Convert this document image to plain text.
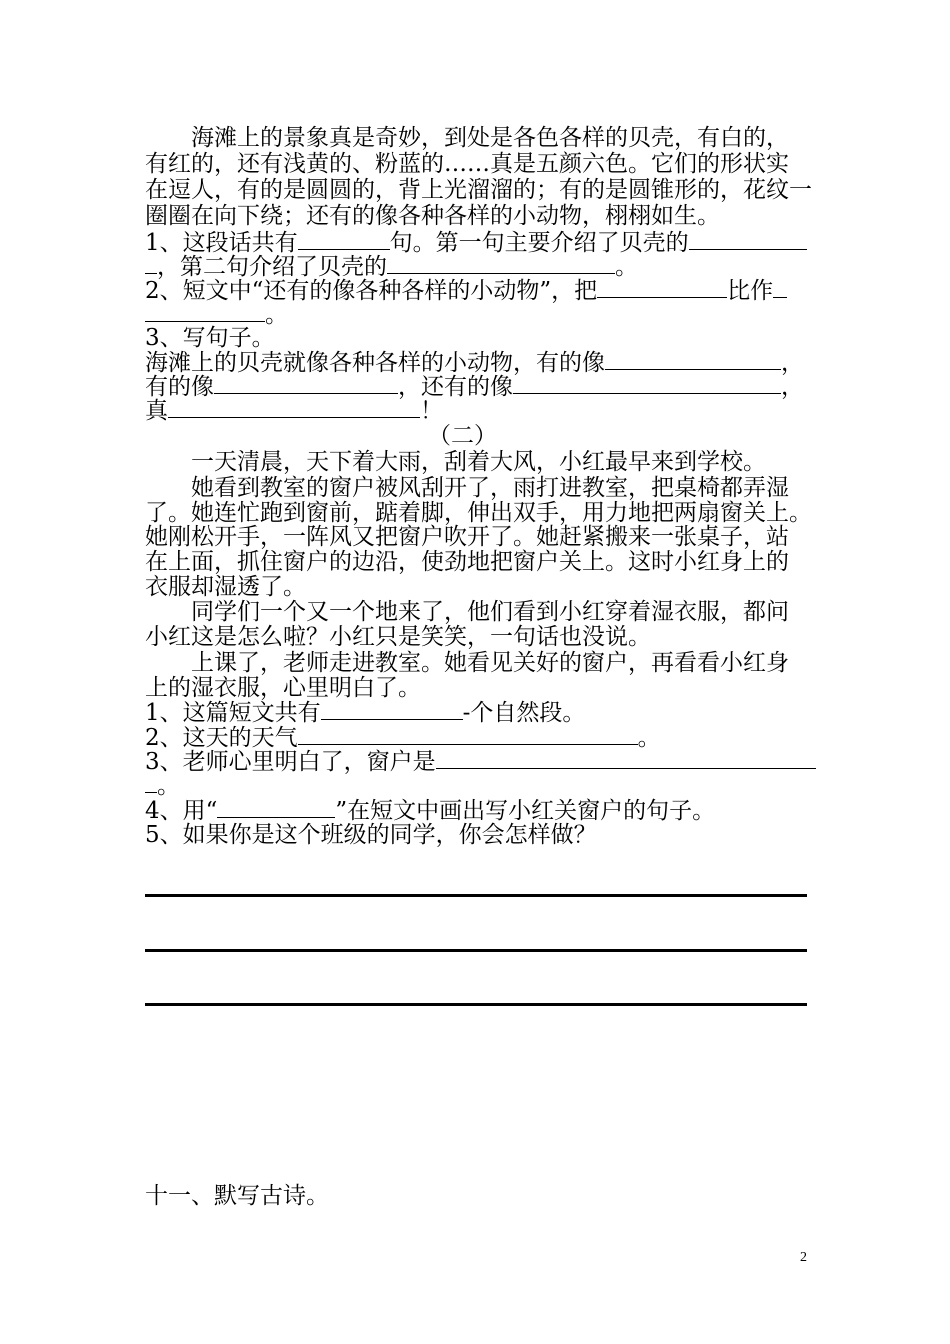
海滩上的景象真是奇妙，到处是各色各样的贝壳，有白的，
有红的，还有浅黄的、粉蓝的……真是五颜六色。它们的形状实
在逗人，有的是圆圆的，背上光溜溜的；有的是圆锥形的，花纹一
圈圈在向下绕；还有的像各种各样的小动物，栩栩如生。
1、这段话共有	句。第一句主要介绍了贝壳的
，第二句介绍了贝壳的	。
2、短文中“还有的像各种各样的小动物”，把	比作
。
3、写句子。
海滩上的贝壳就像各种各样的小动物，有的像	，
有的像	，还有的像	，
真	！
（二）
一天清晨，天下着大雨，刮着大风，小红最早来到学校。
她看到教室的窗户被风刮开了，雨打进教室，把桌椅都弄湿
了。她连忙跑到窗前，踮着脚，伸出双手，用力地把两扇窗关上。
她刚松开手，一阵风又把窗户吹开了。她赶紧搬来一张桌子，站
在上面，抓住窗户的边沿，使劲地把窗户关上。这时小红身上的
衣服却湿透了。
同学们一个又一个地来了，他们看到小红穿着湿衣服，都问
小红这是怎么啦？小红只是笑笑，一句话也没说。
上课了，老师走进教室。她看见关好的窗户，再看看小红身
上的湿衣服，心里明白了。
1、这篇短文共有	-个自然段。
2、这天的天气	。
3、老师心里明白了，窗户是
。
4、用“	”在短文中画出写小红关窗户的句子。
5、如果你是这个班级的同学，你会怎样做？
十一、默写古诗。
2
